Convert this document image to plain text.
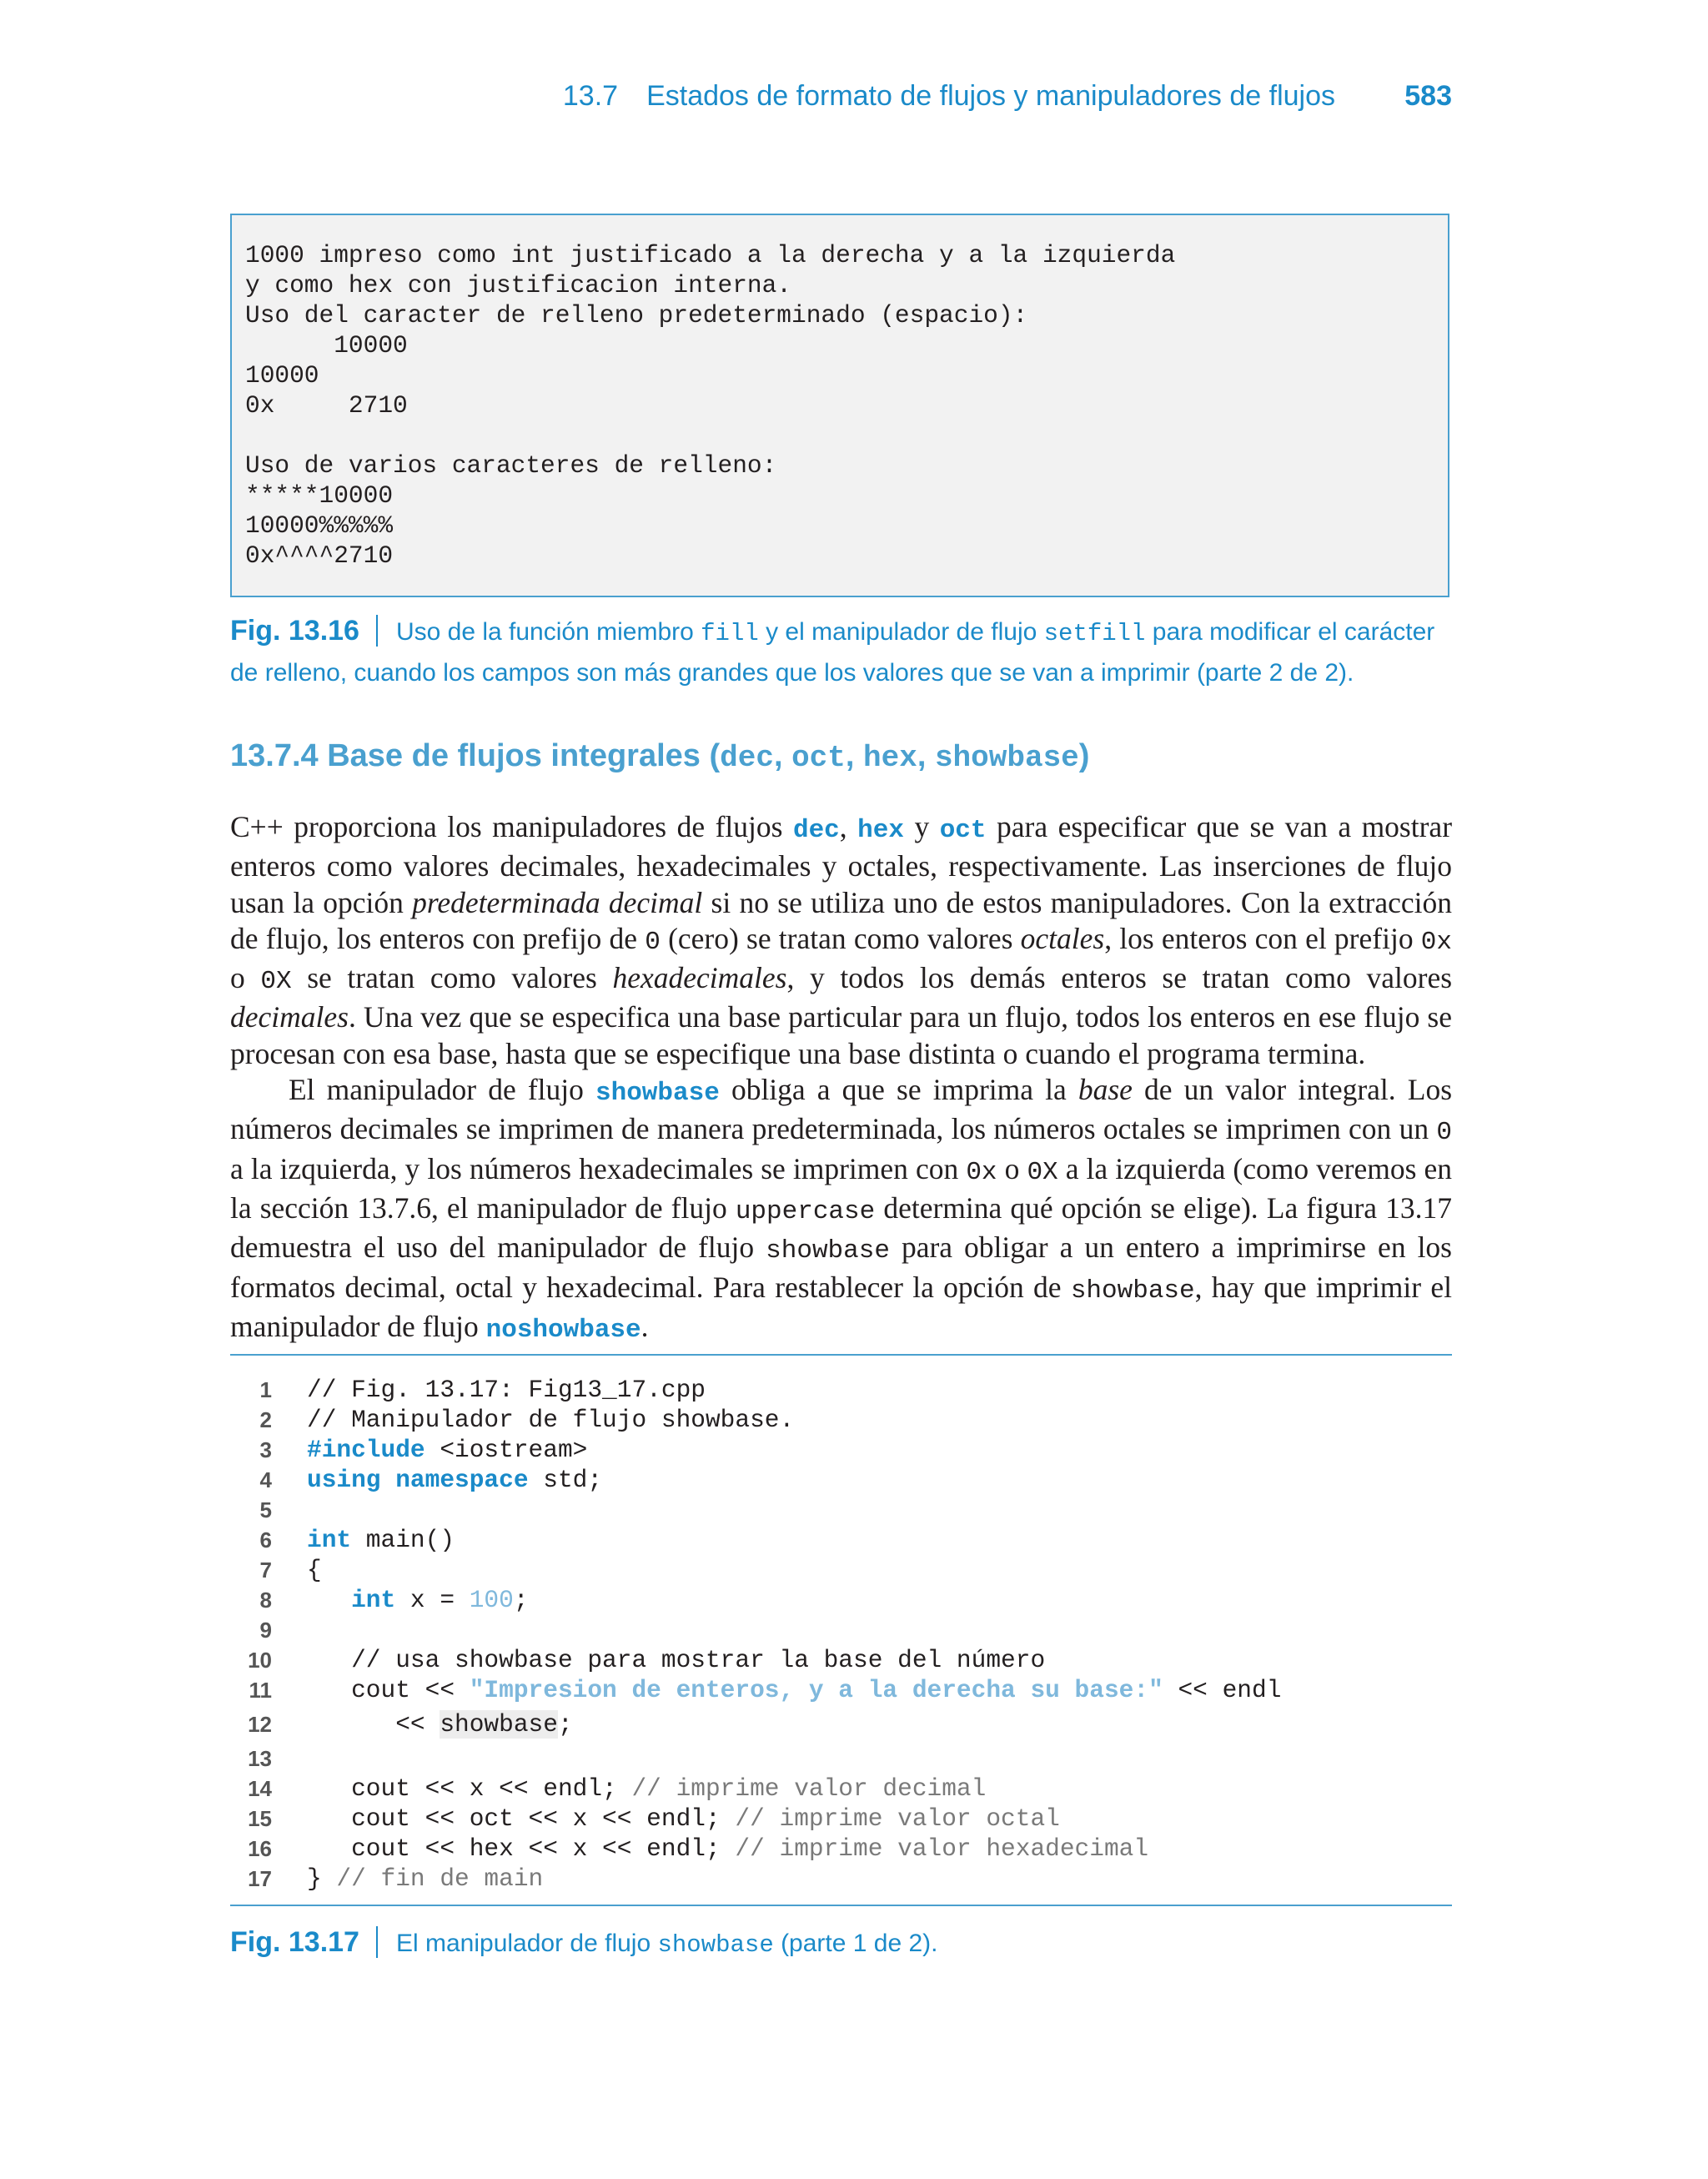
13.7 Estados de formato de flujos y manipuladores de flujos 583
1000 impreso como int justificado a la derecha y a la izquierda
y como hex con justificacion interna.
Uso del caracter de relleno predeterminado (espacio):
10000
10000
0x     2710
Uso de varios caracteres de relleno:
*****10000
10000%%%%%
0x^^^^2710
Fig. 13.16 Uso de la función miembro fill y el manipulador de flujo setfill para modificar el carácter de relleno, cuando los campos son más grandes que los valores que se van a imprimir (parte 2 de 2).
13.7.4 Base de flujos integrales (dec, oct, hex, showbase)

C++ proporciona los manipuladores de flujos dec, hex y oct para especificar que se van a mostrar enteros como valores decimales, hexadecimales y octales, respectivamente. Las inserciones de flujo usan la opción predeterminada decimal si no se utiliza uno de estos manipuladores. Con la extracción de flujo, los enteros con prefijo de 0 (cero) se tratan como valores octales, los enteros con el prefijo 0x o 0X se tratan como valores hexadecimales, y todos los demás enteros se tratan como valores decimales. Una vez que se especifica una base particular para un flujo, todos los enteros en ese flujo se procesan con esa base, hasta que se especifique una base distinta o cuando el programa termina.

El manipulador de flujo showbase obliga a que se imprima la base de un valor integral. Los números decimales se imprimen de manera predeterminada, los números octales se imprimen con un 0 a la izquierda, y los números hexadecimales se imprimen con 0x o 0X a la izquierda (como veremos en la sección 13.7.6, el manipulador de flujo uppercase determina qué opción se elige). La figura 13.17 demuestra el uso del manipulador de flujo showbase para obligar a un entero a imprimirse en los formatos decimal, octal y hexadecimal. Para restablecer la opción de showbase, hay que imprimir el manipulador de flujo noshowbase.

1 // Fig. 13.17: Fig13_17.cpp
2 // Manipulador de flujo showbase.
3 #include <iostream>
4 using namespace std;
5
6 int main()
7 {
8	int x = 100;
9
10 // usa showbase para mostrar la base del número
11 cout << "Impresion de enteros, y a la derecha su base:" << endl
12 << showbase;
13
14 cout << x << endl; // imprime valor decimal
15 cout << oct << x << endl; // imprime valor octal
16 cout << hex << x << endl; // imprime valor hexadecimal
17 } // fin de main
Fig. 13.17 El manipulador de flujo showbase (parte 1 de 2).
